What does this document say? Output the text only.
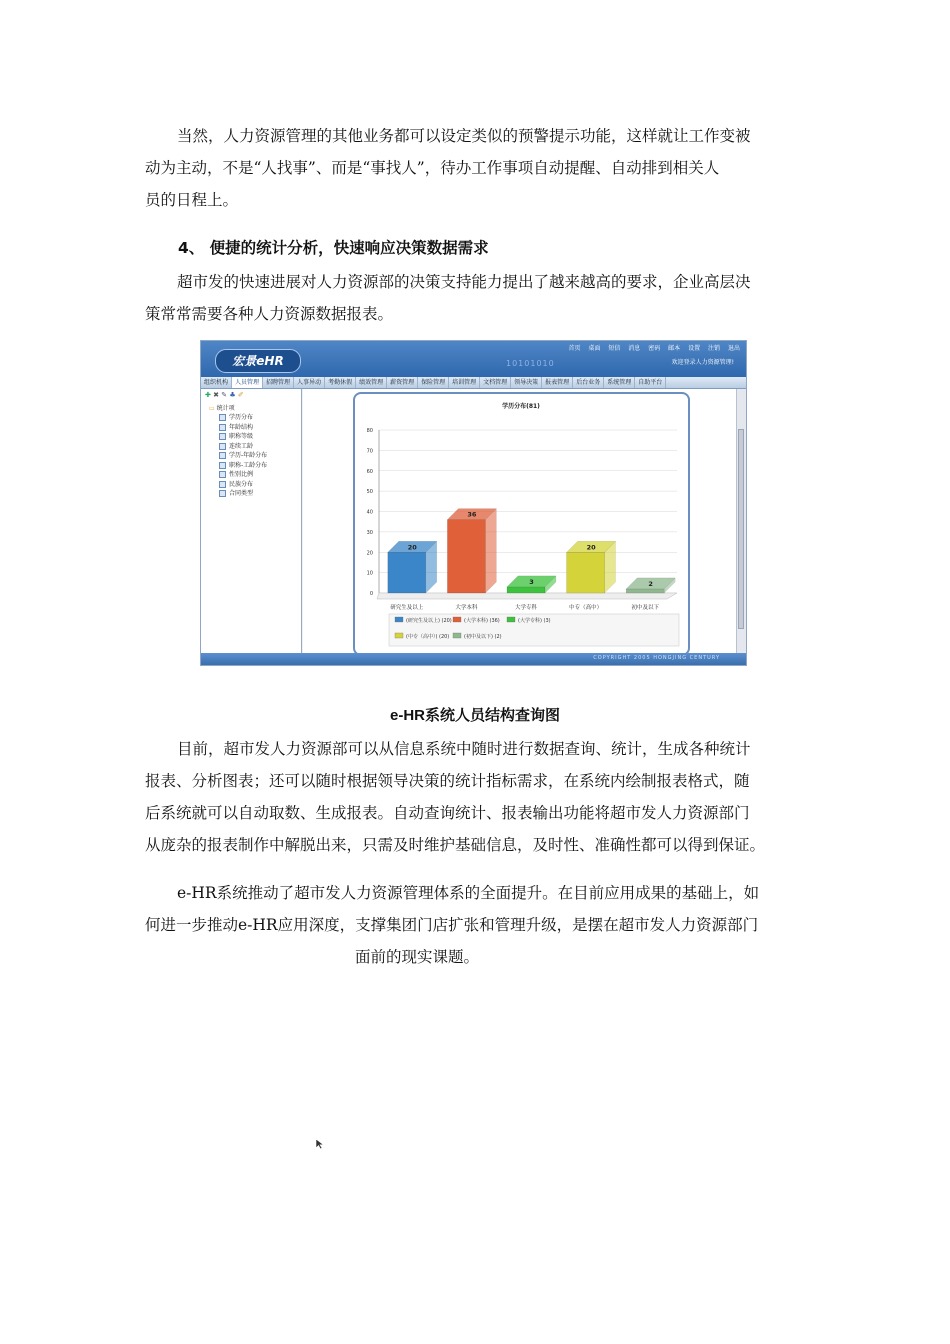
当然，人力资源管理的其他业务都可以设定类似的预警提示功能，这样就让工作变被
动为主动，不是“人找事”、而是“事找人”，待办工作事项自动提醒、自动排到相关人
员的日程上。

4、 便捷的统计分析，快速响应决策数据需求

超市发的快速进展对人力资源部的决策支持能力提出了越来越高的要求，企业高层决
策常常需要各种人力资源数据报表。

宏景eHR
首页 桌面 短信 消息 密码 邮本 设置 注销 退出
10101010	欢迎登录人力资源管理!
组织机构 人员管理 招聘管理 人事异动 考勤休假 绩效管理 薪资管理 保险管理 培训管理 文档管理 领导决策 报表管理 后台业务 系统管理 自助平台
✚ ✖ ✎ ♣ ✐
▭ 统计项
学历分布
年龄结构
职称等级
连续工龄
学历-年龄分布
职称-工龄分布
性别比例
民族分布
合同类型
学历分布(81)
0
10
20
30
40
50
60
70
80
20
研究生及以上
36
大学本科
3
大学专科
20
中专（高中）
2
初中及以下
(研究生及以上) (20) (大学本科) (36)	(大学专科) (3)
(中专（高中）) (20)	(初中及以下) (2)
COPYRIGHT 2005 HONGJING CENTURY

e-HR系统人员结构查询图

目前，超市发人力资源部可以从信息系统中随时进行数据查询、统计，生成各种统计
报表、分析图表；还可以随时根据领导决策的统计指标需求，在系统内绘制报表格式，随
后系统就可以自动取数、生成报表。自动查询统计、报表输出功能将超市发人力资源部门
从庞杂的报表制作中解脱出来，只需及时维护基础信息，及时性、准确性都可以得到保证。

e-HR系统推动了超市发人力资源管理体系的全面提升。在目前应用成果的基础上，如
何进一步推动e-HR应用深度，支撑集团门店扩张和管理升级，是摆在超市发人力资源部门
面前的现实课题。
